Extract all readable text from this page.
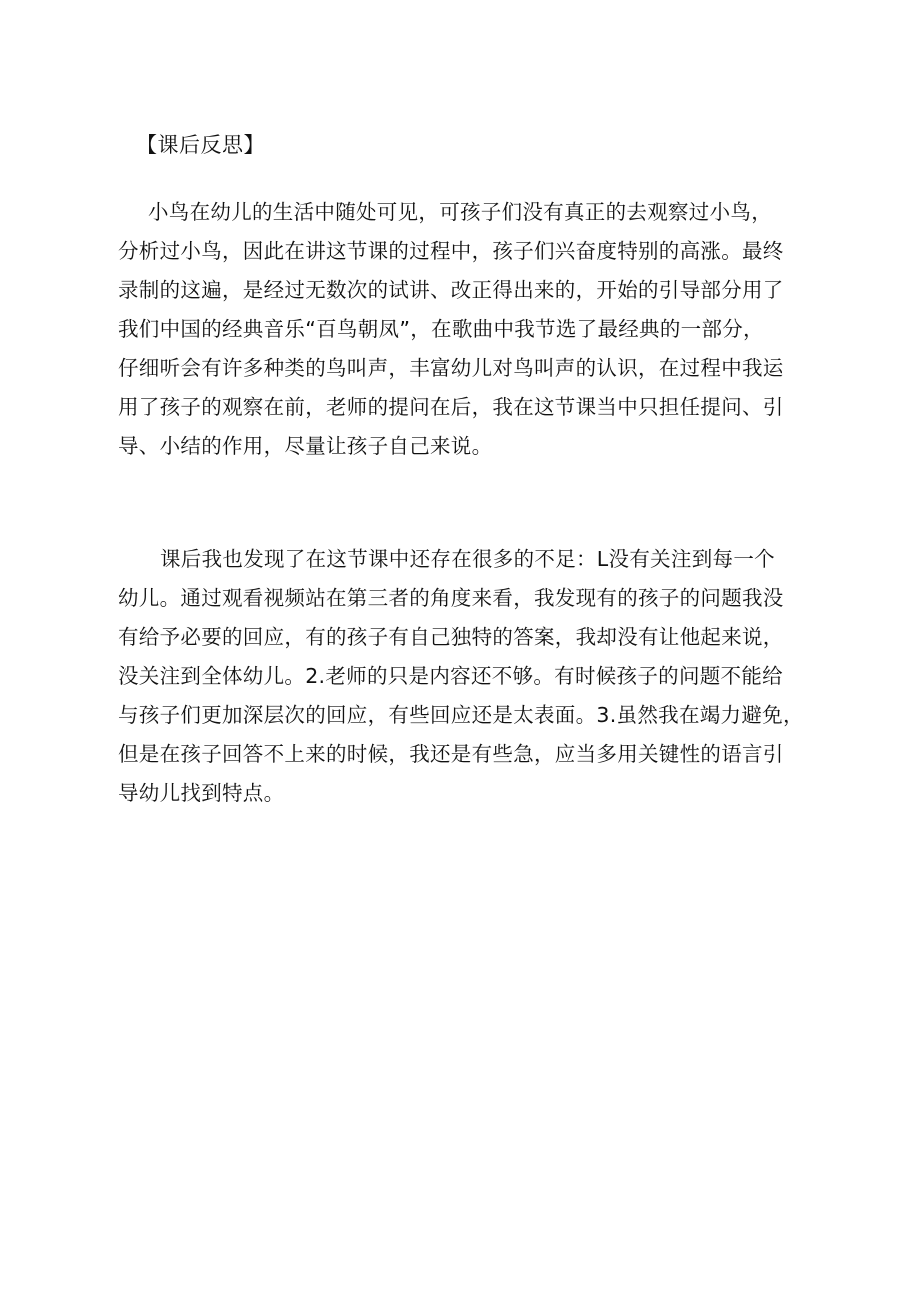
【课后反思】
小鸟在幼儿的生活中随处可见，可孩子们没有真正的去观察过小鸟，
分析过小鸟，因此在讲这节课的过程中，孩子们兴奋度特别的高涨。最终
录制的这遍，是经过无数次的试讲、改正得出来的，开始的引导部分用了
我们中国的经典音乐“百鸟朝凤”，在歌曲中我节选了最经典的一部分，
仔细听会有许多种类的鸟叫声，丰富幼儿对鸟叫声的认识，在过程中我运
用了孩子的观察在前，老师的提问在后，我在这节课当中只担任提问、引
导、小结的作用，尽量让孩子自己来说。
课后我也发现了在这节课中还存在很多的不足：L没有关注到每一个
幼儿。通过观看视频站在第三者的角度来看，我发现有的孩子的问题我没
有给予必要的回应，有的孩子有自己独特的答案，我却没有让他起来说，
没关注到全体幼儿。2.老师的只是内容还不够。有时候孩子的问题不能给
与孩子们更加深层次的回应，有些回应还是太表面。3.虽然我在竭力避免，
但是在孩子回答不上来的时候，我还是有些急，应当多用关键性的语言引
导幼儿找到特点。
